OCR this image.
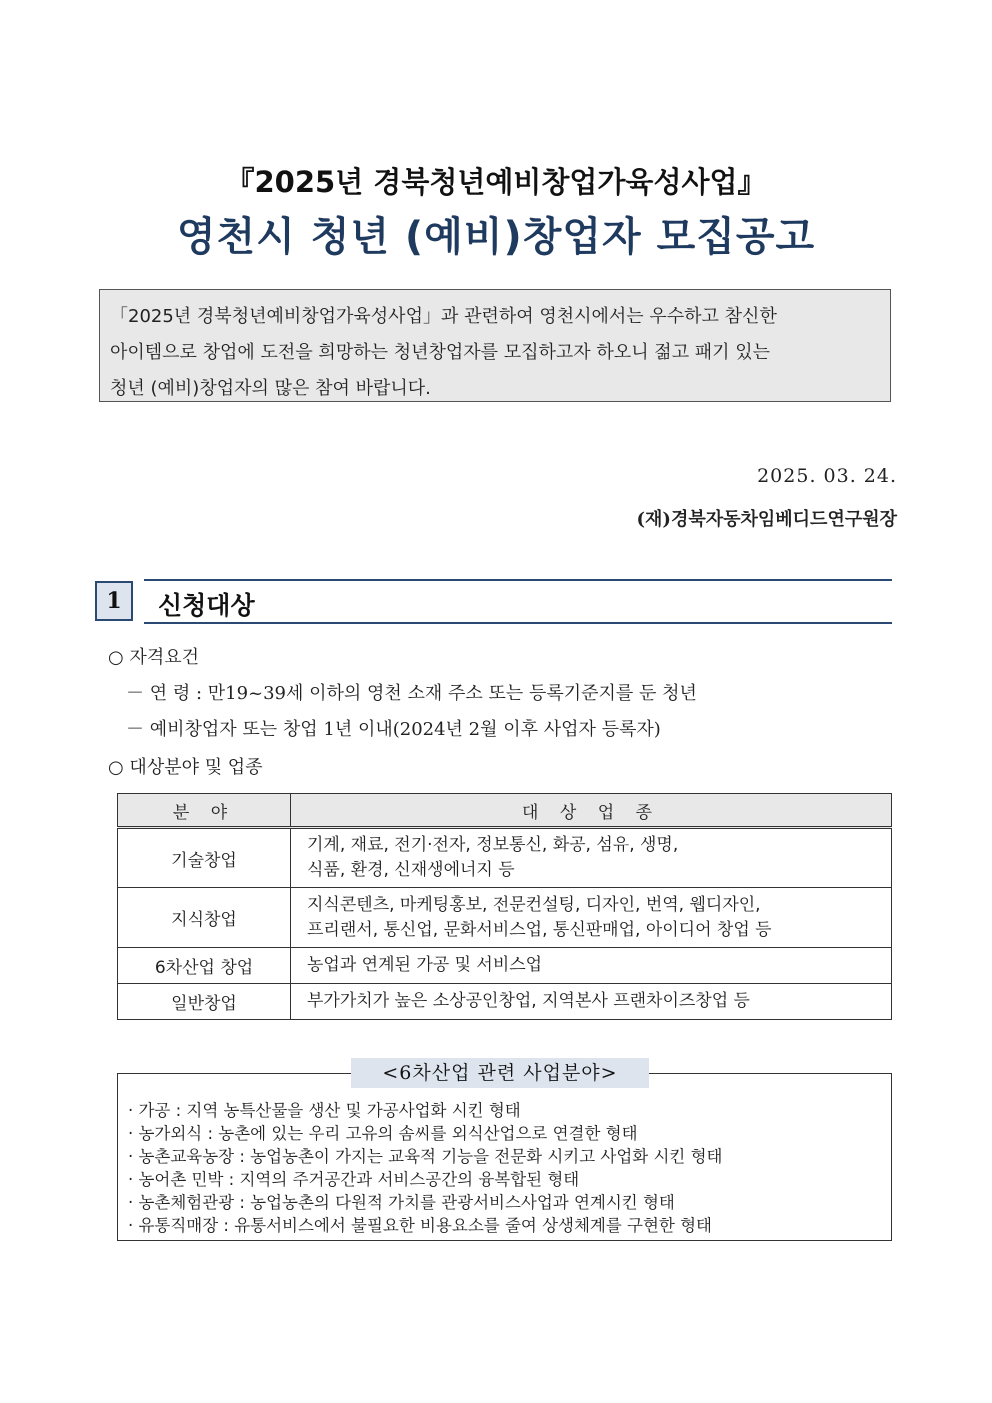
『2025년 경북청년예비창업가육성사업』
영천시 청년 (예비)창업자 모집공고
「2025년 경북청년예비창업가육성사업」과 관련하여 영천시에서는 우수하고 참신한
아이템으로 창업에 도전을 희망하는 청년창업자를 모집하고자 하오니 젊고 패기 있는
청년 (예비)창업자의 많은 참여 바랍니다.
2025. 03. 24.
(재)경북자동차임베디드연구원장
1	신청대상
○ 자격요건
－ 연 령 : 만19~39세 이하의 영천 소재 주소 또는 등록기준지를 둔 청년
－ 예비창업자 또는 창업 1년 이내(2024년 2월 이후 사업자 등록자)
○ 대상분야 및 업종
분 야	대 상 업 종
기술창업	기계, 재료, 전기·전자, 정보통신, 화공, 섬유, 생명,
식품, 환경, 신재생에너지 등

지식창업	지식콘텐츠, 마케팅홍보, 전문컨설팅, 디자인, 번역, 웹디자인,
프리랜서, 통신업, 문화서비스업, 통신판매업, 아이디어 창업 등

6차산업 창업	농업과 연계된 가공 및 서비스업

일반창업	부가가치가 높은 소상공인창업, 지역본사 프랜차이즈창업 등
· 가공 : 지역 농특산물을 생산 및 가공사업화 시킨 형태
· 농가외식 : 농촌에 있는 우리 고유의 솜씨를 외식산업으로 연결한 형태
· 농촌교육농장 : 농업농촌이 가지는 교육적 기능을 전문화 시키고 사업화 시킨 형태
· 농어촌 민박 : 지역의 주거공간과 서비스공간의 융복합된 형태
· 농촌체험관광 : 농업농촌의 다원적 가치를 관광서비스사업과 연계시킨 형태
· 유통직매장 : 유통서비스에서 불필요한 비용요소를 줄여 상생체계를 구현한 형태
<6차산업 관련 사업분야>
